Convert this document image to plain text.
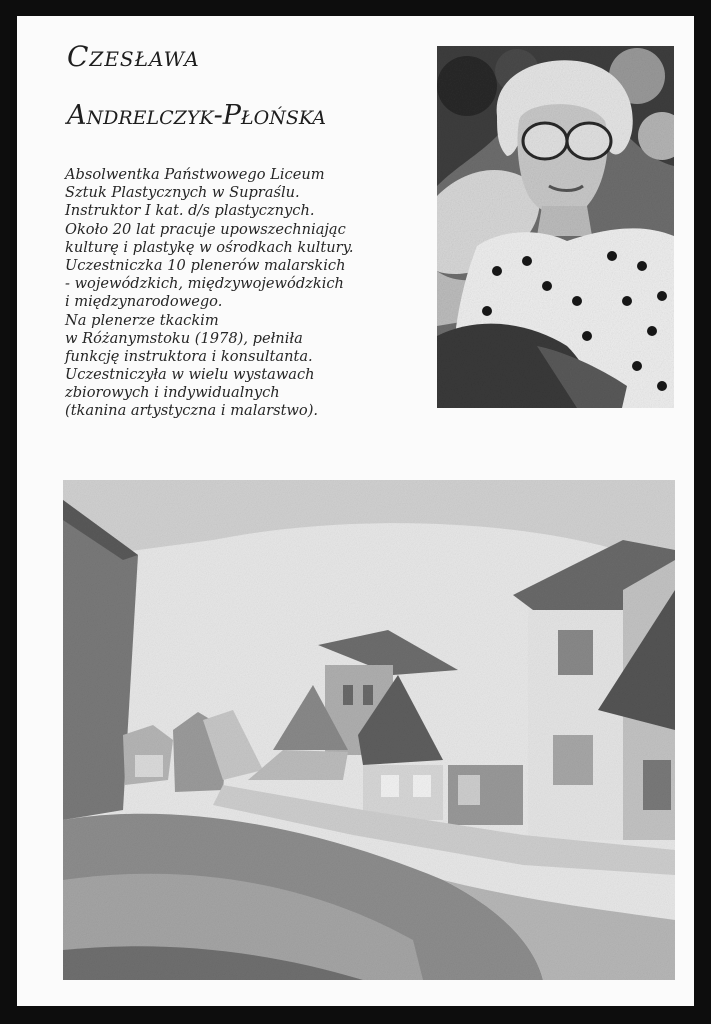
Czesława
Andrelczyk-Płońska
Absolwentka Państwowego Liceum
Sztuk Plastycznych w Supraślu.
Instruktor I kat. d/s plastycznych.
Około 20 lat pracuje upowszechniając
kulturę i plastykę w ośrodkach kultury.
Uczestniczka 10 plenerów malarskich
- wojewódzkich, międzywojewódzkich
i międzynarodowego.
Na plenerze tkackim
w Różanymstoku (1978), pełniła
funkcję instruktora i konsultanta.
Uczestniczyła w wielu wystawach
zbiorowych i indywidualnych
(tkanina artystyczna i malarstwo).
